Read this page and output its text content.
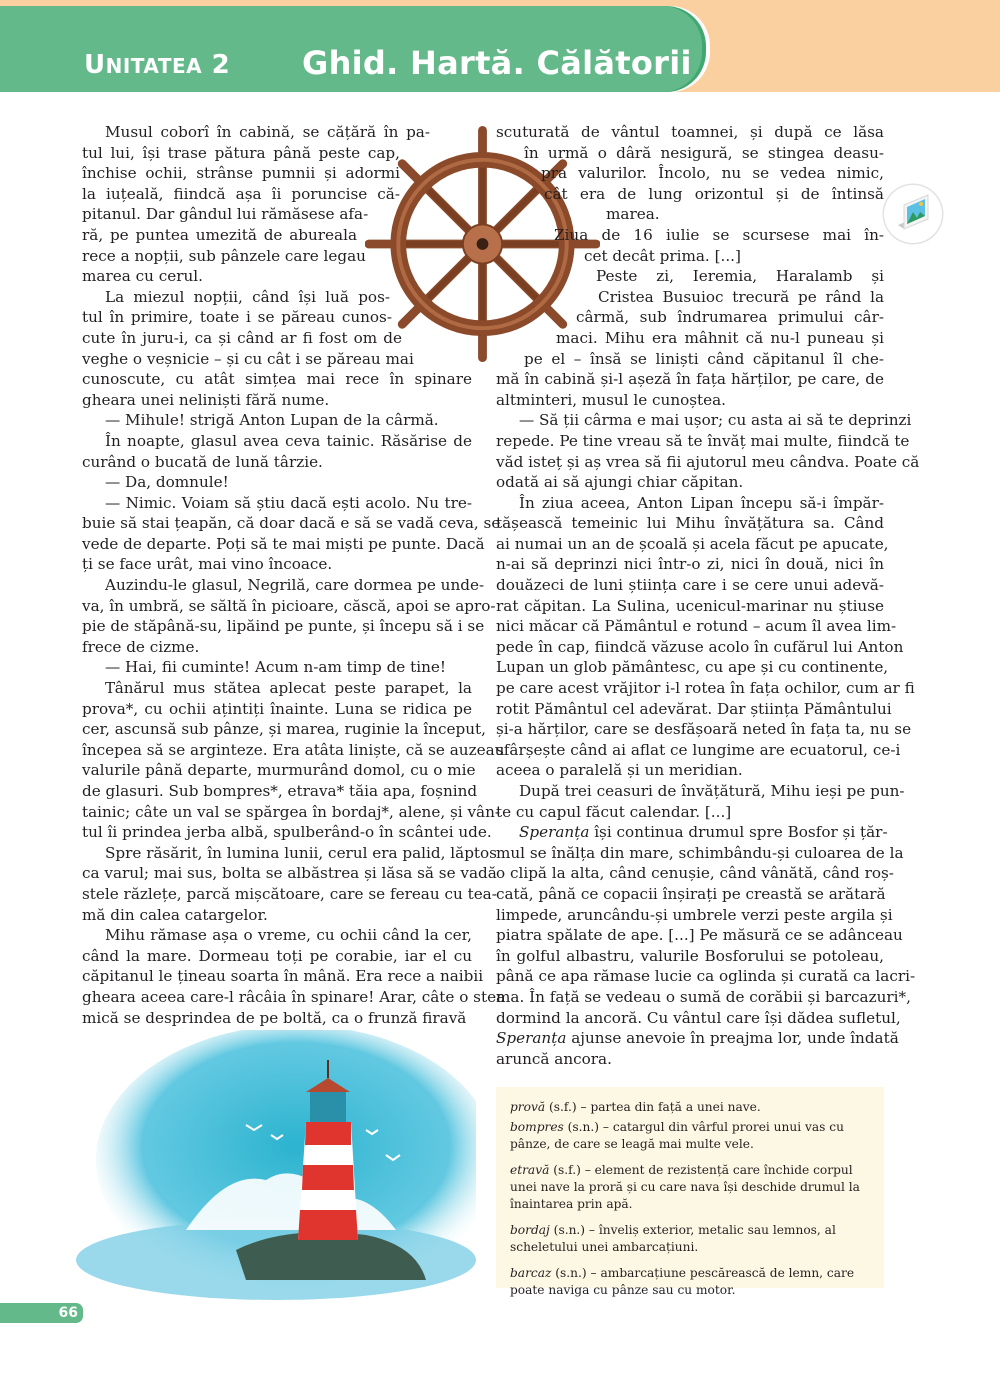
UNITATEA 2 Ghid. Hartă. Călătorii

Musul coborî în cabină, se cățără în pa-
tul lui, își trase pătura până peste cap,
închise ochii, strânse pumnii și adormi
la iuțeală, fiindcă așa îi poruncise că-
pitanul. Dar gândul lui rămăsese afa-
ră, pe puntea umezită de abureala
rece a nopții, sub pânzele care legau
marea cu cerul.

La miezul nopții, când își luă pos-
tul în primire, toate i se păreau cunos-
cute în juru-i, ca și când ar fi fost om de
veghe o veșnicie – și cu cât i se păreau mai
cunoscute, cu atât simțea mai rece în spinare
gheara unei neliniști fără nume.

— Mihule! strigă Anton Lupan de la cârmă.

În noapte, glasul avea ceva tainic. Răsărise de
curând o bucată de lună târzie.

— Da, domnule!

— Nimic. Voiam să știu dacă ești acolo. Nu tre-
buie să stai țeapăn, că doar dacă e să se vadă ceva, se
vede de departe. Poți să te mai miști pe punte. Dacă
ți se face urât, mai vino încoace.

Auzindu-le glasul, Negrilă, care dormea pe unde-
va, în umbră, se săltă în picioare, căscă, apoi se apro-
pie de stăpână-su, lipăind pe punte, și începu să i se
frece de cizme.

— Hai, fii cuminte! Acum n-am timp de tine!

Tânărul mus stătea aplecat peste parapet, la
prova*, cu ochii ațintiți înainte. Luna se ridica pe
cer, ascunsă sub pânze, și marea, ruginie la început,
începea să se arginteze. Era atâta liniște, că se auzeau
valurile până departe, murmurând domol, cu o mie
de glasuri. Sub bompres*, etrava* tăia apa, foșnind
tainic; câte un val se spărgea în bordaj*, alene, și vân-
tul îi prindea jerba albă, spulberând-o în scântei ude.

Spre răsărit, în lumina lunii, cerul era palid, lăptos
ca varul; mai sus, bolta se albăstrea și lăsa să se vadă
stele răzlețe, parcă mișcătoare, care se fereau cu tea-
mă din calea catargelor.

Mihu rămase așa o vreme, cu ochii când la cer,
când la mare. Dormeau toți pe corabie, iar el cu
căpitanul le țineau soarta în mână. Era rece a naibii
gheara aceea care-l râcâia în spinare! Arar, câte o stea
mică se desprindea de pe boltă, ca o frunză firavă

scuturată de vântul toamnei, și după ce lăsa
în urmă o dâră nesigură, se stingea deasu-
pra valurilor. Încolo, nu se vedea nimic,
cât era de lung orizontul și de întinsă
marea.

Ziua de 16 iulie se scursese mai în-
cet decât prima. [...]

Peste zi, Ieremia, Haralamb și
Cristea Busuioc trecură pe rând la
cârmă, sub îndrumarea primului câr-
maci. Mihu era mâhnit că nu-l puneau și
pe el – însă se liniști când căpitanul îl che-
mă în cabină și-l așeză în fața hărților, pe care, de
altminteri, musul le cunoștea.

— Să ții cârma e mai ușor; cu asta ai să te deprinzi
repede. Pe tine vreau să te învăț mai multe, fiindcă te
văd isteț și aș vrea să fii ajutorul meu cândva. Poate că
odată ai să ajungi chiar căpitan.

În ziua aceea, Anton Lipan începu să-i împăr-
tășească temeinic lui Mihu învățătura sa. Când
ai numai un an de școală și acela făcut pe apucate,
n-ai să deprinzi nici într-o zi, nici în două, nici în
douăzeci de luni știința care i se cere unui adevă-
rat căpitan. La Sulina, ucenicul-marinar nu știuse
nici măcar că Pământul e rotund – acum îl avea lim-
pede în cap, fiindcă văzuse acolo în cufărul lui Anton
Lupan un glob pământesc, cu ape și cu continente,
pe care acest vrăjitor i-l rotea în fața ochilor, cum ar fi
rotit Pământul cel adevărat. Dar știința Pământului
și-a hărților, care se desfășoară neted în fața ta, nu se
sfârșește când ai aflat ce lungime are ecuatorul, ce-i
aceea o paralelă și un meridian.

După trei ceasuri de învățătură, Mihu ieși pe pun-
te cu capul făcut calendar. [...]

Speranța își continua drumul spre Bosfor și țăr-
mul se înălța din mare, schimbându-și culoarea de la
o clipă la alta, când cenușie, când vânătă, când roș-
cată, până ce copacii înșirați pe creastă se arătară
limpede, aruncându-și umbrele verzi peste argila și
piatra spălate de ape. [...] Pe măsură ce se adânceau
în golful albastru, valurile Bosforului se potoleau,
până ce apa rămase lucie ca oglinda și curată ca lacri-
ma. În față se vedeau o sumă de corăbii și barcazuri*,
dormind la ancoră. Cu vântul care își dădea sufletul,

Speranța ajunse anevoie în preajma lor, unde îndată
aruncă ancora.

provă (s.f.) – partea din față a unei nave.
bompres (s.n.) – catargul din vârful prorei unui vas cu
pânze, de care se leagă mai multe vele.
etravă (s.f.) – element de rezistență care închide corpul
unei nave la proră și cu care nava își deschide drumul la
înaintarea prin apă.
bordaj (s.n.) – înveliș exterior, metalic sau lemnos, al
scheletului unei ambarcațiuni.
barcaz (s.n.) – ambarcațiune pescărească de lemn, care
poate naviga cu pânze sau cu motor.
66
